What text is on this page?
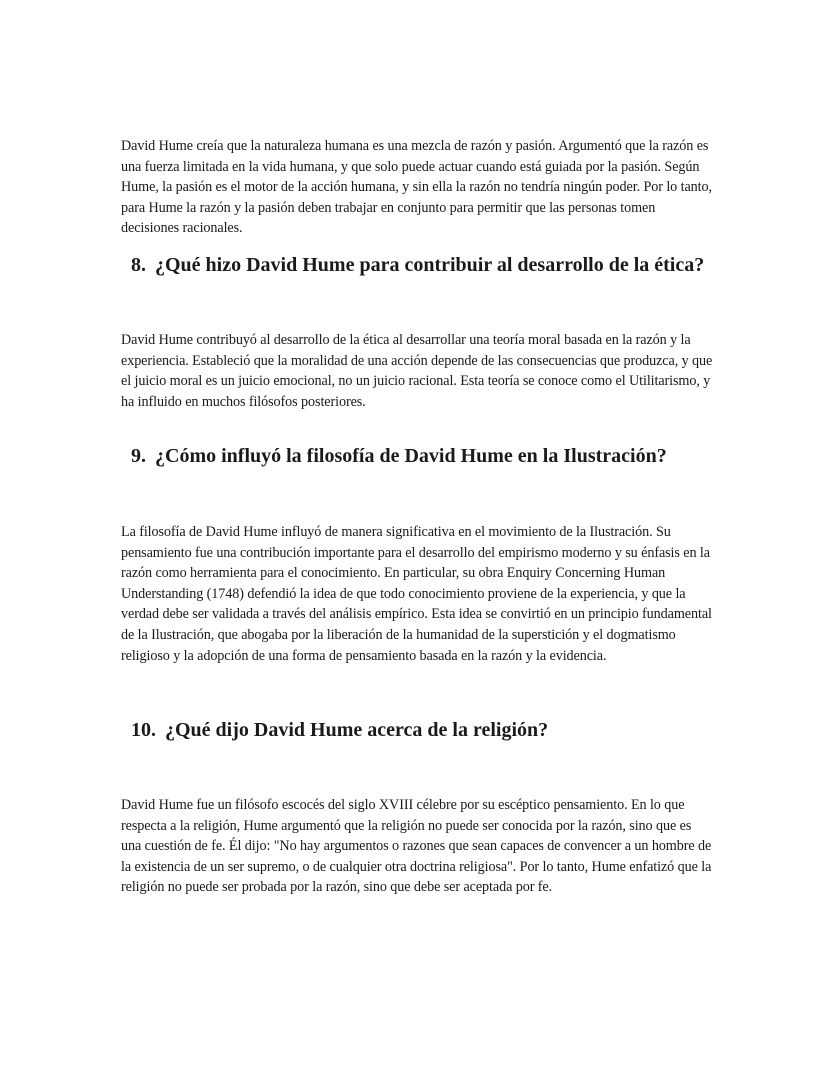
David Hume creía que la naturaleza humana es una mezcla de razón y pasión. Argumentó que la razón es una fuerza limitada en la vida humana, y que solo puede actuar cuando está guiada por la pasión. Según Hume, la pasión es el motor de la acción humana, y sin ella la razón no tendría ningún poder. Por lo tanto, para Hume la razón y la pasión deben trabajar en conjunto para permitir que las personas tomen decisiones racionales.

8. ¿Qué hizo David Hume para contribuir al desarrollo de la ética?

David Hume contribuyó al desarrollo de la ética al desarrollar una teoría moral basada en la razón y la experiencia. Estableció que la moralidad de una acción depende de las consecuencias que produzca, y que el juicio moral es un juicio emocional, no un juicio racional. Esta teoría se conoce como el Utilitarismo, y ha influido en muchos filósofos posteriores.

9. ¿Cómo influyó la filosofía de David Hume en la Ilustración?

La filosofía de David Hume influyó de manera significativa en el movimiento de la Ilustración. Su pensamiento fue una contribución importante para el desarrollo del empirismo moderno y su énfasis en la razón como herramienta para el conocimiento. En particular, su obra Enquiry Concerning Human Understanding (1748) defendió la idea de que todo conocimiento proviene de la experiencia, y que la verdad debe ser validada a través del análisis empírico. Esta idea se convirtió en un principio fundamental de la Ilustración, que abogaba por la liberación de la humanidad de la superstición y el dogmatismo religioso y la adopción de una forma de pensamiento basada en la razón y la evidencia.

10. ¿Qué dijo David Hume acerca de la religión?

David Hume fue un filósofo escocés del siglo XVIII célebre por su escéptico pensamiento. En lo que respecta a la religión, Hume argumentó que la religión no puede ser conocida por la razón, sino que es una cuestión de fe. Él dijo: "No hay argumentos o razones que sean capaces de convencer a un hombre de la existencia de un ser supremo, o de cualquier otra doctrina religiosa". Por lo tanto, Hume enfatizó que la religión no puede ser probada por la razón, sino que debe ser aceptada por fe.
